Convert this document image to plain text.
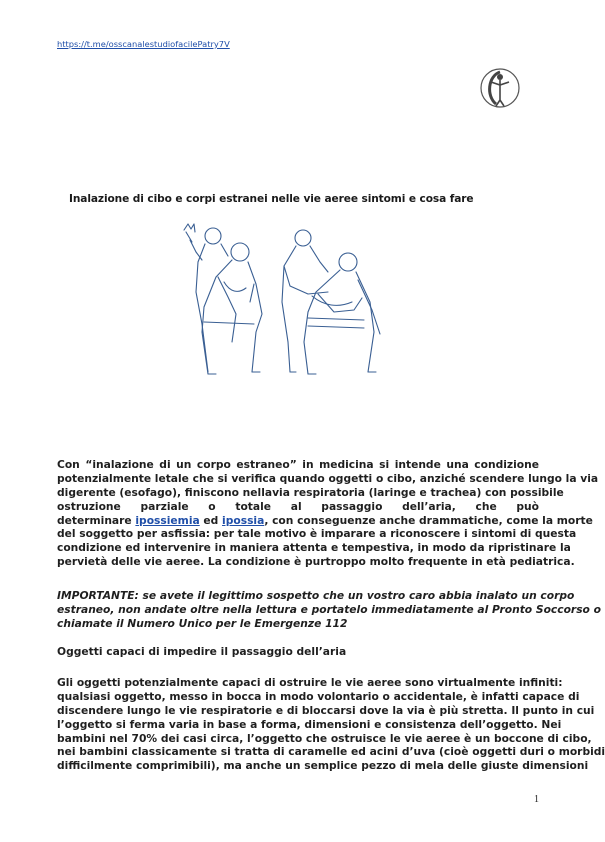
https://t.me/osscanalestudiofacilePatry7V
Inalazione di cibo e corpi estranei nelle vie aeree sintomi e cosa fare
Con “inalazione di un corpo estraneo” in medicina si intende una condizione
potenzialmente letale che si verifica quando oggetti o cibo, anziché scendere lungo la via
digerente (esofago), finiscono nellavia respiratoria (laringe e trachea) con possibile
ostruzione parziale o totale al passaggio dell’aria, che può
determinare ipossiemia ed ipossia, con conseguenze anche drammatiche, come la morte
del soggetto per asfissia: per tale motivo è imparare a riconoscere i sintomi di questa
condizione ed intervenire in maniera attenta e tempestiva, in modo da ripristinare la
pervietà delle vie aeree. La condizione è purtroppo molto frequente in età pediatrica.
IMPORTANTE: se avete il legittimo sospetto che un vostro caro abbia inalato un corpo
estraneo, non andate oltre nella lettura e portatelo immediatamente al Pronto Soccorso o
chiamate il Numero Unico per le Emergenze 112
Oggetti capaci di impedire il passaggio dell’aria
Gli oggetti potenzialmente capaci di ostruire le vie aeree sono virtualmente infiniti:
qualsiasi oggetto, messo in bocca in modo volontario o accidentale, è infatti capace di
discendere lungo le vie respiratorie e di bloccarsi dove la via è più stretta. Il punto in cui
l’oggetto si ferma varia in base a forma, dimensioni e consistenza dell’oggetto. Nei
bambini nel 70% dei casi circa, l’oggetto che ostruisce le vie aeree è un boccone di cibo,
nei bambini classicamente si tratta di caramelle ed acini d’uva (cioè oggetti duri o morbidi
difficilmente comprimibili), ma anche un semplice pezzo di mela delle giuste dimensioni
1
